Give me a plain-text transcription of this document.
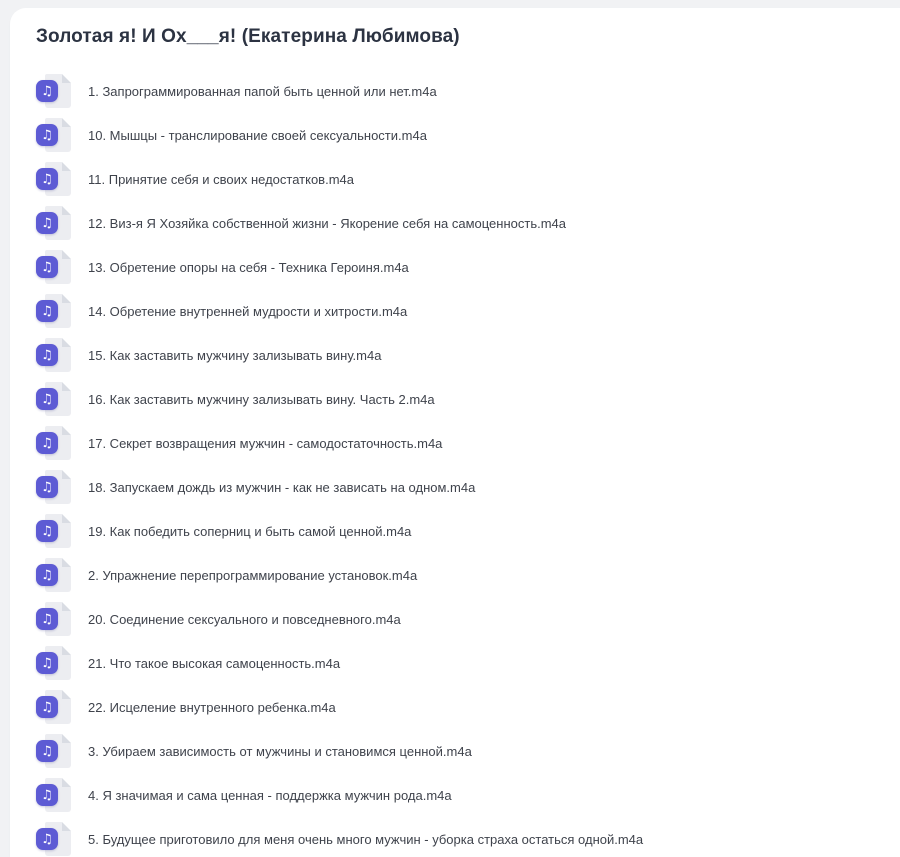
Золотая я! И Ох___я! (Екатерина Любимова)
♫	1. Запрограммированная папой быть ценной или нет.m4a
♫	10. Мышцы - транслирование своей сексуальности.m4a
♫	11. Принятие себя и своих недостатков.m4a
♫	12. Виз-я Я Хозяйка собственной жизни - Якорение себя на самоценность.m4a
♫	13. Обретение опоры на себя - Техника Героиня.m4a
♫	14. Обретение внутренней мудрости и хитрости.m4a
♫	15. Как заставить мужчину зализывать вину.m4a
♫	16. Как заставить мужчину зализывать вину. Часть 2.m4a
♫	17. Секрет возвращения мужчин - самодостаточность.m4a
♫	18. Запускаем дождь из мужчин - как не зависать на одном.m4a
♫	19. Как победить соперниц и быть самой ценной.m4a
♫	2. Упражнение перепрограммирование установок.m4a
♫	20. Соединение сексуального и повседневного.m4a
♫	21. Что такое высокая самоценность.m4a
♫	22. Исцеление внутренного ребенка.m4a
♫	3. Убираем зависимость от мужчины и становимся ценной.m4a
♫	4. Я значимая и сама ценная - поддержка мужчин рода.m4a
♫	5. Будущее приготовило для меня очень много мужчин - уборка страха остаться одной.m4a
